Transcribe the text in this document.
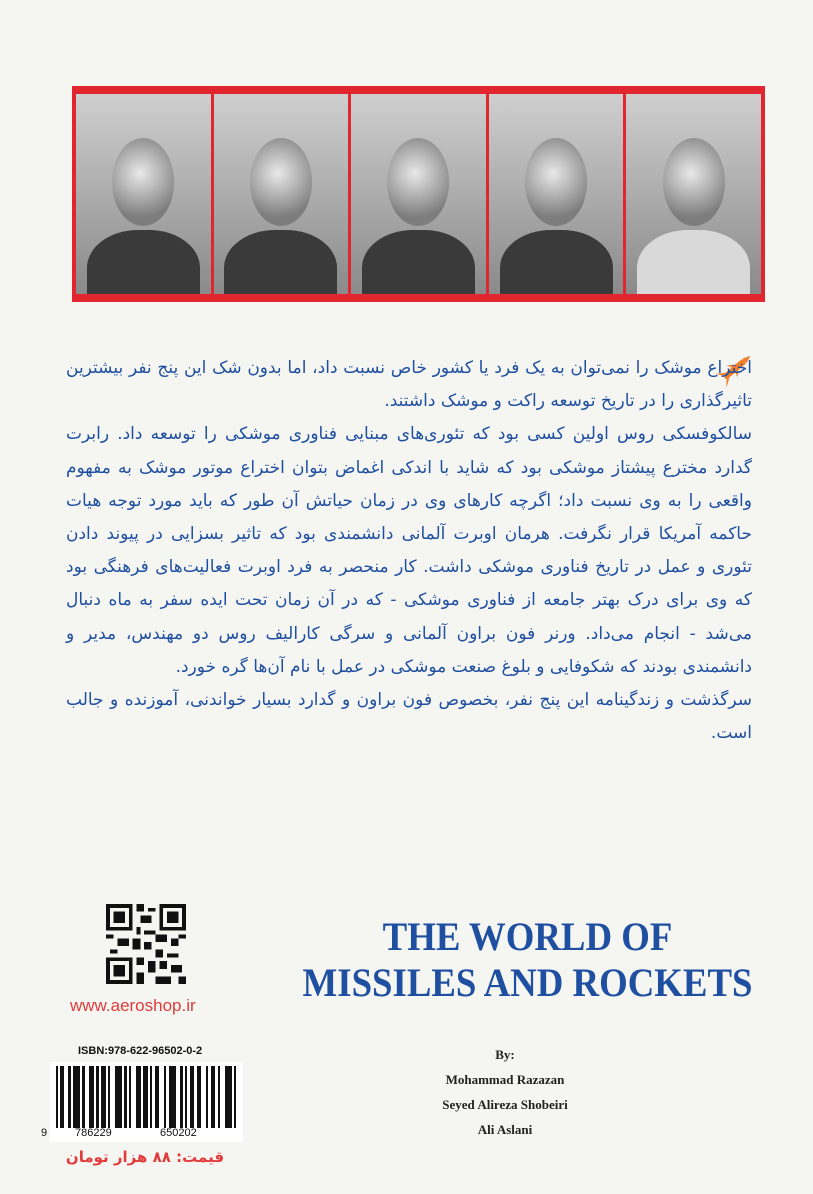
اختراع موشک را نمی‌توان به یک فرد یا کشور خاص نسبت داد، اما بدون شک این پنج نفر بیشترین تاثیرگذاری را در تاریخ توسعه راکت و موشک داشتند.

سالکوفسکی روس اولین کسی بود که تئوری‌های مبنایی فناوری موشکی را توسعه داد. رابرت گدارد مخترع پیشتاز موشکی بود که شاید با اندکی اغماض بتوان اختراع موتور موشک به مفهوم واقعی را به وی نسبت داد؛ اگرچه کارهای وی در زمان حیاتش آن طور که باید مورد توجه هیات حاکمه آمریکا قرار نگرفت. هرمان اوبرت آلمانی دانشمندی بود که تاثیر بسزایی در پیوند دادن تئوری و عمل در تاریخ فناوری موشکی داشت. کار منحصر به فرد اوبرت فعالیت‌های فرهنگی بود که وی برای درک بهتر جامعه از فناوری موشکی - که در آن زمان تحت ایده سفر به ماه دنبال می‌شد - انجام می‌داد. ورنر فون براون آلمانی و سرگی کارالیف روس دو مهندس، مدیر و دانشمندی بودند که شکوفایی و بلوغ صنعت موشکی در عمل با نام آن‌ها گره خورد.

سرگذشت و زندگینامه این پنج نفر، بخصوص فون براون و گدارد بسیار خواندنی، آموزنده و جالب است.

www.aeroshop.ir
THE WORLD OF
MISSILES AND ROCKETS
By:
Mohammad Razazan
Seyed Alireza Shobeiri
Ali Aslani
ISBN:978-622-96502-0-2
9	786229	650202
قیمت: ۸۸ هزار تومان
